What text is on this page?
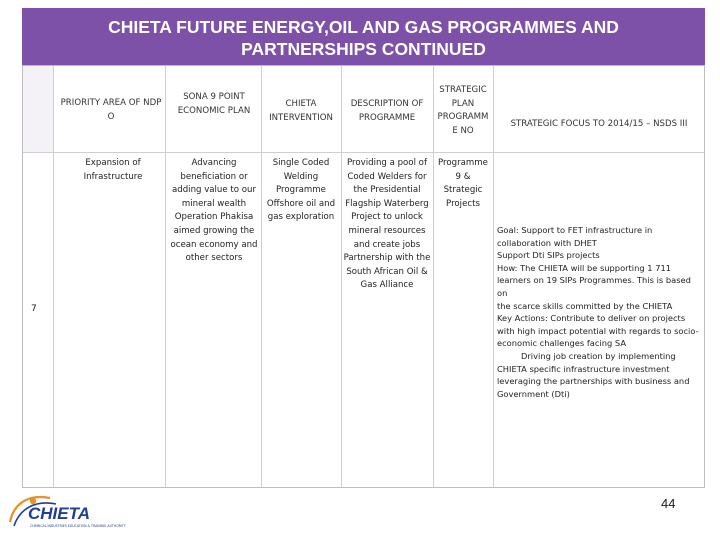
CHIETA FUTURE ENERGY,OIL AND GAS PROGRAMMES AND
PARTNERSHIPS CONTINUED
PRIORITY AREA OF NDP O
SONA 9 POINT ECONOMIC PLAN
CHIETA INTERVENTION
DESCRIPTION OF PROGRAMME
STRATEGIC PLAN PROGRAMM E NO
STRATEGIC FOCUS TO 2014/15 – NSDS III
7
Expansion of Infrastructure
Advancing beneficiation or adding value to our mineral wealth Operation Phakisa aimed growing the ocean economy and other sectors
Single Coded Welding Programme Offshore oil and gas exploration
Providing a pool of Coded Welders for the Presidential Flagship Waterberg Project to unlock mineral resources and create jobs Partnership with the South African Oil & Gas Alliance
Programme 9 & Strategic Projects
Goal: Support to FET infrastructure in
collaboration with DHET
Support Dti SIPs projects
How: The CHIETA will be supporting 1 711
learners on 19 SIPs Programmes. This is based on
the scarce skills committed by the CHIETA
Key Actions: Contribute to deliver on projects
with high impact potential with regards to socio-
economic challenges facing SA
Driving job creation by implementing
CHIETA specific infrastructure investment
leveraging the partnerships with business and
Government (Dti)
CHIETA
CHEMICAL INDUSTRIES EDUCATION & TRAINING AUTHORITY
44
